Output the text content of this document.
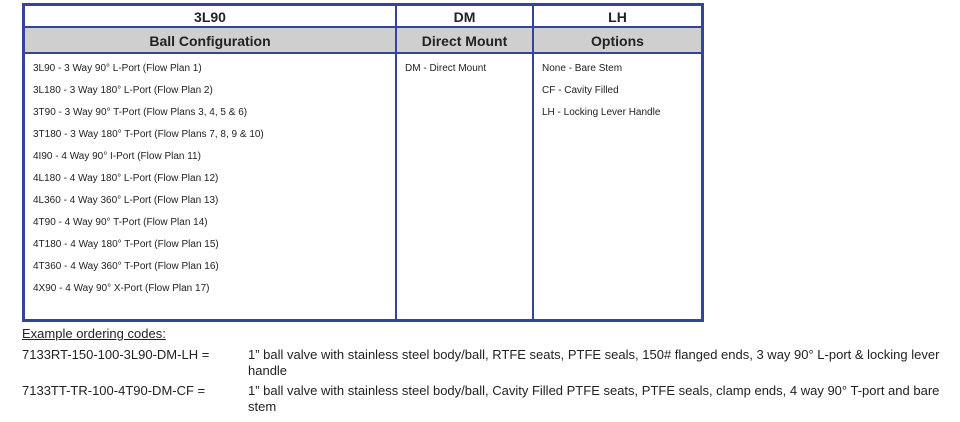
3L90
Ball Configuration
3L90 - 3 Way 90° L-Port (Flow Plan 1)
3L180 - 3 Way 180° L-Port (Flow Plan 2)
3T90 - 3 Way 90° T-Port (Flow Plans 3, 4, 5 & 6)
3T180 - 3 Way 180° T-Port (Flow Plans 7, 8, 9 & 10)
4I90 - 4 Way 90° I-Port (Flow Plan 11)
4L180 - 4 Way 180° L-Port (Flow Plan 12)
4L360 - 4 Way 360° L-Port (Flow Plan 13)
4T90 - 4 Way 90° T-Port (Flow Plan 14)
4T180 - 4 Way 180° T-Port (Flow Plan 15)
4T360 - 4 Way 360° T-Port (Flow Plan 16)
4X90 - 4 Way 90° X-Port (Flow Plan 17)
DM
Direct Mount
DM - Direct Mount
LH
Options
None - Bare Stem
CF - Cavity Filled
LH - Locking Lever Handle
Example ordering codes:
7133RT-150-100-3L90-DM-LH =	1” ball valve with stainless steel body/ball, RTFE seats, PTFE seals, 150# flanged ends, 3 way 90° L-port & locking lever handle
7133TT-TR-100-4T90-DM-CF =	1” ball valve with stainless steel body/ball, Cavity Filled PTFE seats, PTFE seals, clamp ends, 4 way 90° T-port and bare stem
